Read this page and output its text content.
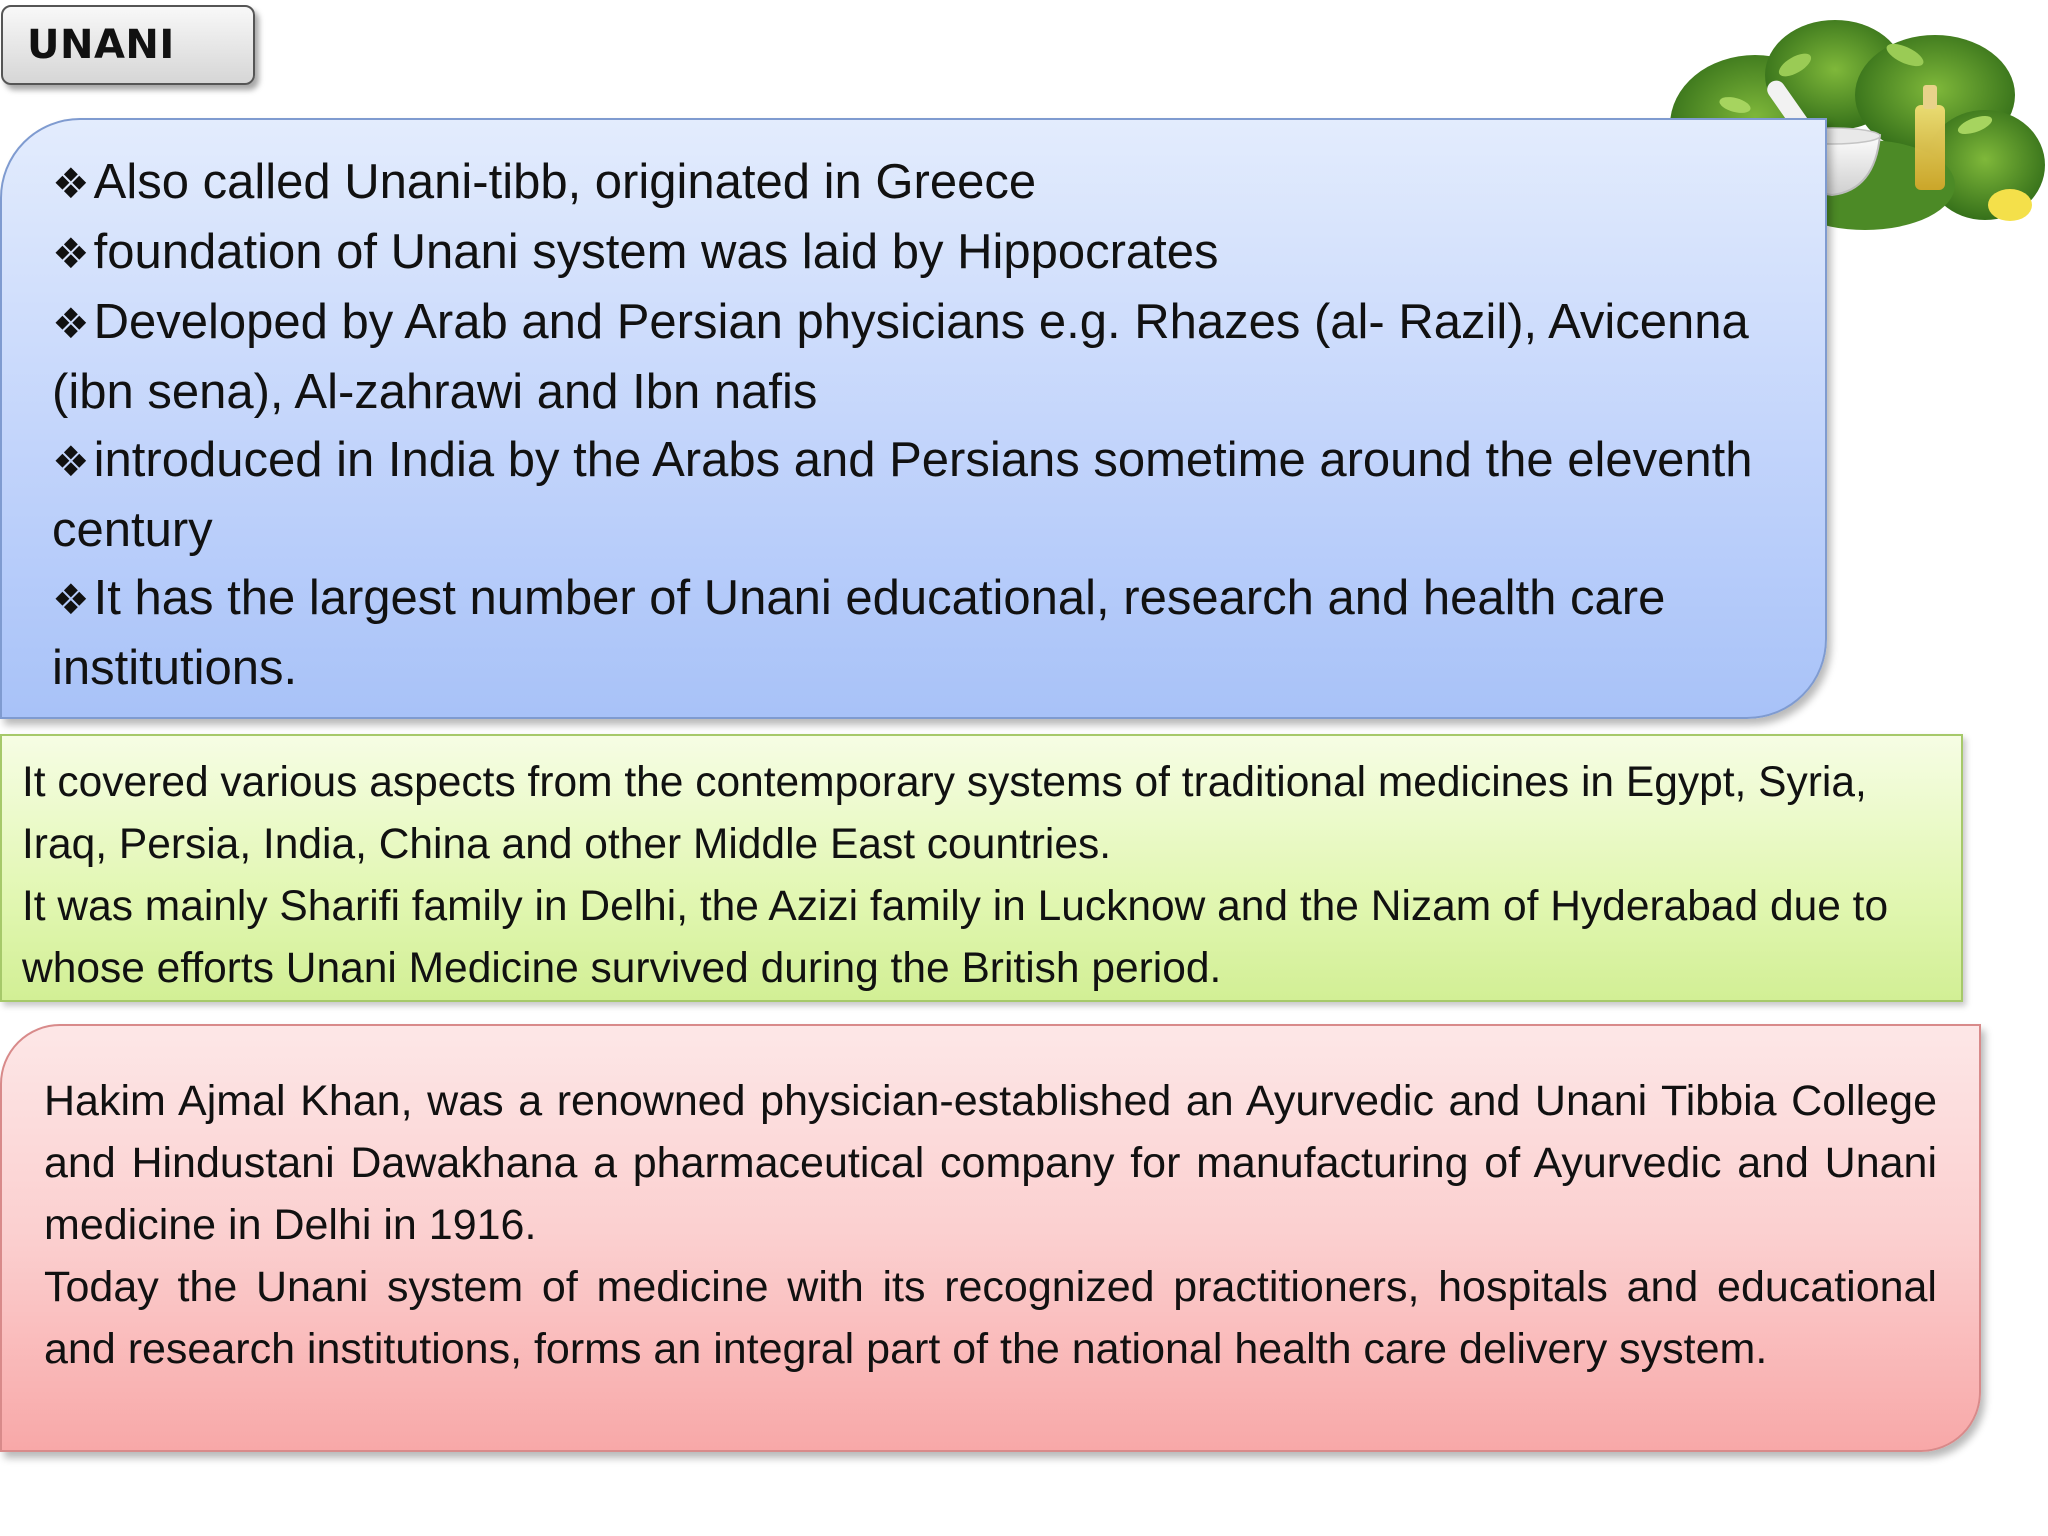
UNANI

❖Also called Unani-tibb, originated in Greece

❖foundation of Unani system was laid by Hippocrates

❖Developed by Arab and Persian physicians e.g. Rhazes (al- Razil), Avicenna (ibn sena), Al-zahrawi and Ibn nafis

❖introduced in India by the Arabs and Persians sometime around the eleventh century

❖It has the largest number of Unani educational, research and health care institutions.

It covered various aspects from the contemporary systems of traditional medicines in Egypt, Syria, Iraq, Persia, India, China and other Middle East countries.

It was mainly Sharifi family in Delhi, the Azizi family in Lucknow and the Nizam of Hyderabad due to whose efforts Unani Medicine survived during the British period.

Hakim Ajmal Khan, was a renowned physician-established an Ayurvedic and Unani Tibbia College and Hindustani Dawakhana a pharmaceutical company for manufacturing of Ayurvedic and Unani medicine in Delhi in 1916.

Today the Unani system of medicine with its recognized practitioners, hospitals and educational and research institutions, forms an integral part of the national health care delivery system.
